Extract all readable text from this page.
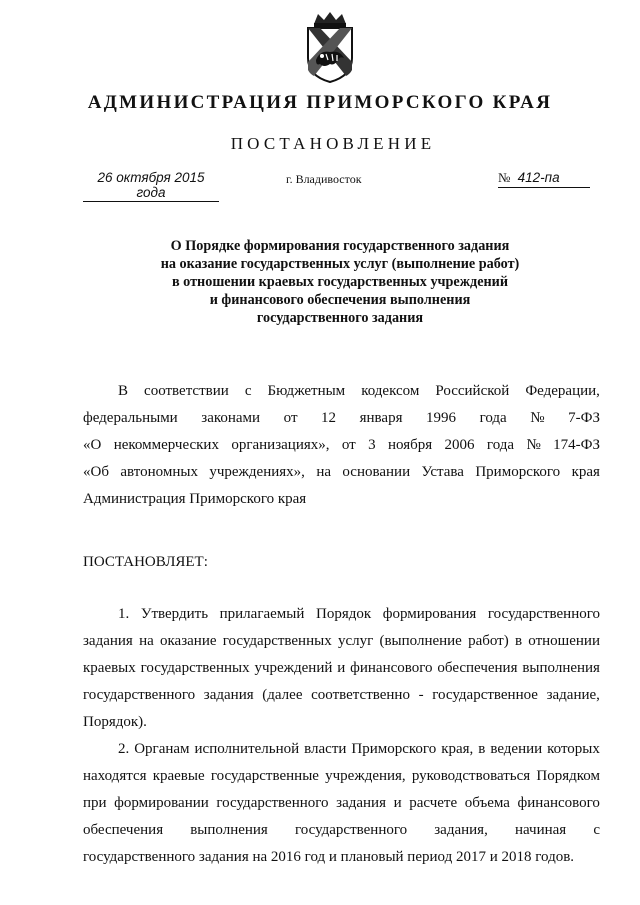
АДМИНИСТРАЦИЯ ПРИМОРСКОГО КРАЯ
ПОСТАНОВЛЕНИЕ
26 октября 2015 года
г. Владивосток	№ 412-па
О Порядке формирования государственного задания
на оказание государственных услуг (выполнение работ)
в отношении краевых государственных учреждений
и финансового обеспечения выполнения
государственного задания
В соответствии с Бюджетным кодексом Российской Федерации,
федеральными законами от 12 января 1996 года № 7-ФЗ
«О некоммерческих организациях», от 3 ноября 2006 года № 174-ФЗ
«Об автономных учреждениях», на основании Устава Приморского края
Администрация Приморского края
ПОСТАНОВЛЯЕТ:
1. Утвердить прилагаемый Порядок формирования государственного
задания на оказание государственных услуг (выполнение работ) в отношении
краевых государственных учреждений и финансового обеспечения выполнения
государственного задания (далее соответственно - государственное задание,
Порядок).
2. Органам исполнительной власти Приморского края, в ведении которых
находятся краевые государственные учреждения, руководствоваться Порядком
при формировании государственного задания и расчете объема финансового
обеспечения выполнения государственного задания, начиная с
государственного задания на 2016 год и плановый период 2017 и 2018 годов.
